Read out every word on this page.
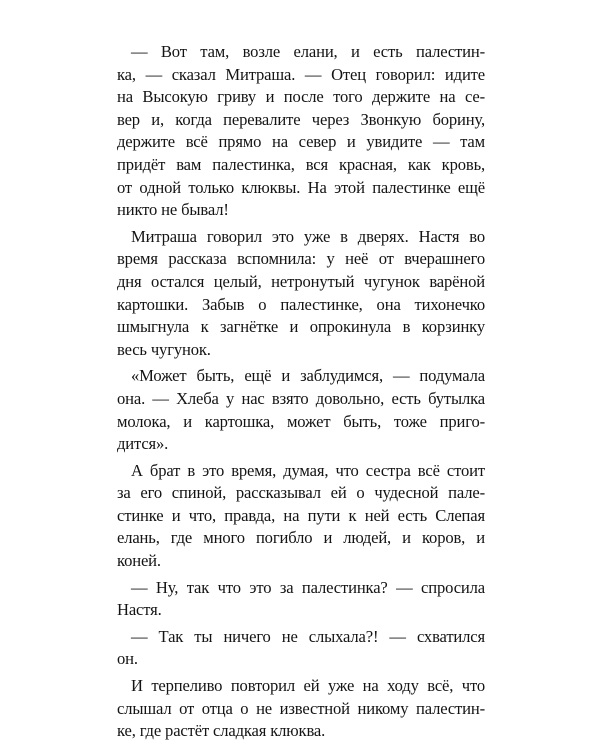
— Вот там, возле елани, и есть палестин-
ка, — сказал Митраша. — Отец говорил: идите
на Высокую гриву и после того держите на се-
вер и, когда перевалите через Звонкую борину,
держите всё прямо на север и увидите — там
придёт вам палестинка, вся красная, как кровь,
от одной только клюквы. На этой палестинке ещё
никто не бывал!

Митраша говорил это уже в дверях. Настя во
время рассказа вспомнила: у неё от вчерашнего
дня остался целый, нетронутый чугунок варёной
картошки. Забыв о палестинке, она тихонечко
шмыгнула к загнётке и опрокинула в корзинку
весь чугунок.

«Может быть, ещё и заблудимся, — подумала
она. — Хлеба у нас взято довольно, есть бутылка
молока, и картошка, может быть, тоже приго-
дится».

А брат в это время, думая, что сестра всё стоит
за его спиной, рассказывал ей о чудесной пале-
стинке и что, правда, на пути к ней есть Слепая
елань, где много погибло и людей, и коров, и
коней.

— Ну, так что это за палестинка? — спросила
Настя.

— Так ты ничего не слыхала?! — схватился
он.

И терпеливо повторил ей уже на ходу всё, что
слышал от отца о не известной никому палестин-
ке, где растёт сладкая клюква.
